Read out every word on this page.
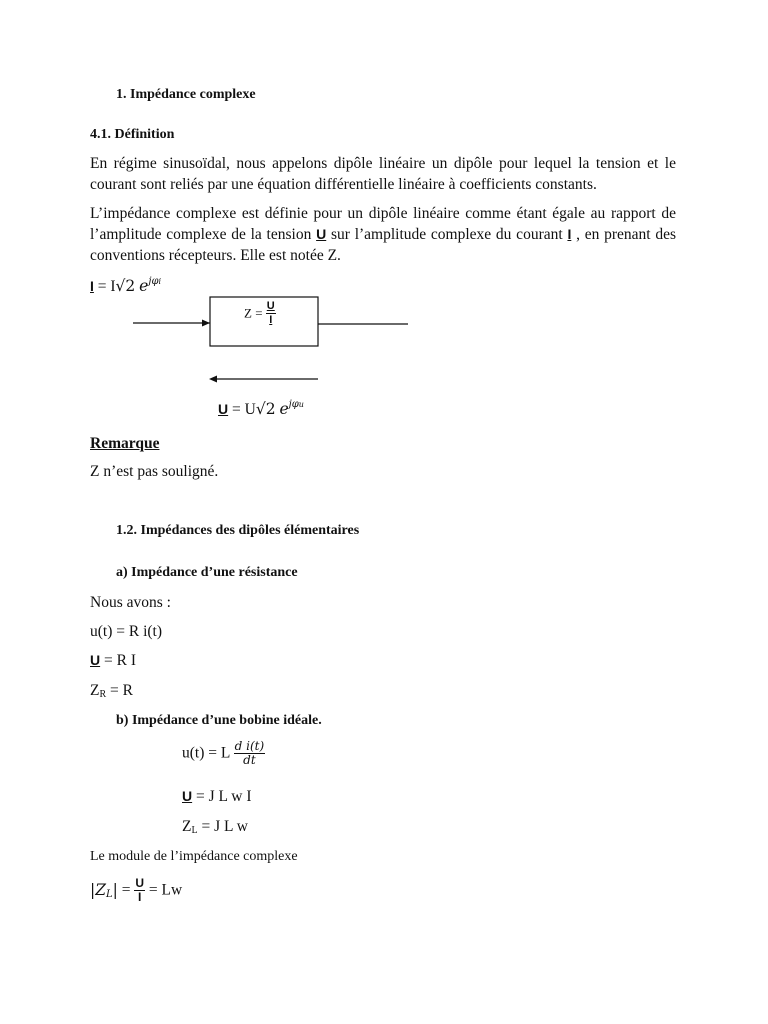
1. Impédance complexe
4.1. Définition
En régime sinusoïdal, nous appelons dipôle linéaire un dipôle pour lequel la tension et le courant sont reliés par une équation différentielle linéaire à coefficients constants.
L’impédance complexe est définie pour un dipôle linéaire comme étant égale au rapport de l’amplitude complexe de la tension U sur l’amplitude complexe du courant I , en prenant des conventions récepteurs. Elle est notée Z.
I = I√2 $e^{j\varphi i}$
$Z = \frac{U}{I}$
U = U√2 $e^{j\varphi u}$
Remarque
Z n’est pas souligné.
1.2. Impédances des dipôles élémentaires
a) Impédance d’une résistance
Nous avons :
u(t) = R i(t)
U = R I
$Z_R = R$
b) Impédance d’une bobine idéale.
u(t) = L $\frac{\text{d i(t)}}{dt}$
U = J L w I
$Z_L = J$ L w
Le module de l’impédance complexe
$|Z_L| = \frac{U}{I} = Lw$
